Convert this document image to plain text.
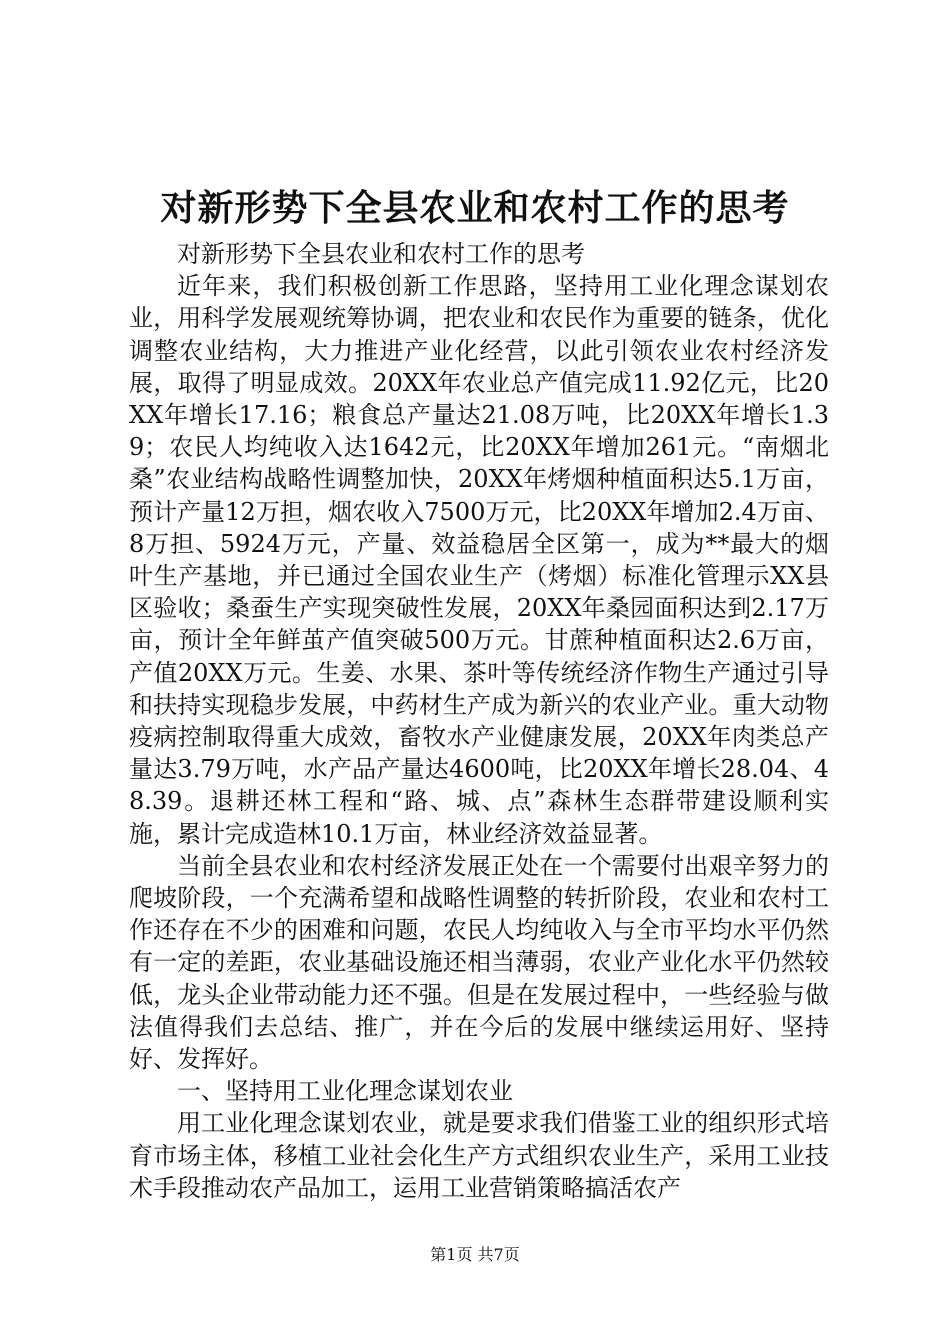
对新形势下全县农业和农村工作的思考

对新形势下全县农业和农村工作的思考

近年来，我们积极创新工作思路，坚持用工业化理念谋划农业，用科学发展观统筹协调，把农业和农民作为重要的链条，优化调整农业结构，大力推进产业化经营，以此引领农业农村经济发展，取得了明显成效。20XX年农业总产值完成11.92亿元，比20XX年增长17.16；粮食总产量达21.08万吨，比20XX年增长1.39；农民人均纯收入达1642元，比20XX年增加261元。“南烟北桑”农业结构战略性调整加快，20XX年烤烟种植面积达5.1万亩，预计产量12万担，烟农收入7500万元，比20XX年增加2.4万亩、8万担、5924万元，产量、效益稳居全区第一，成为**最大的烟叶生产基地，并已通过全国农业生产（烤烟）标准化管理示XX县区验收；桑蚕生产实现突破性发展，20XX年桑园面积达到2.17万亩，预计全年鲜茧产值突破500万元。甘蔗种植面积达2.6万亩，产值20XX万元。生姜、水果、茶叶等传统经济作物生产通过引导和扶持实现稳步发展，中药材生产成为新兴的农业产业。重大动物疫病控制取得重大成效，畜牧水产业健康发展，20XX年肉类总产量达3.79万吨，水产品产量达4600吨，比20XX年增长28.04、48.39。退耕还林工程和“路、城、点”森林生态群带建设顺利实施，累计完成造林10.1万亩，林业经济效益显著。

当前全县农业和农村经济发展正处在一个需要付出艰辛努力的爬坡阶段，一个充满希望和战略性调整的转折阶段，农业和农村工作还存在不少的困难和问题，农民人均纯收入与全市平均水平仍然有一定的差距，农业基础设施还相当薄弱，农业产业化水平仍然较低，龙头企业带动能力还不强。但是在发展过程中，一些经验与做法值得我们去总结、推广，并在今后的发展中继续运用好、坚持好、发挥好。

一、坚持用工业化理念谋划农业

用工业化理念谋划农业，就是要求我们借鉴工业的组织形式培育市场主体，移植工业社会化生产方式组织农业生产，采用工业技术手段推动农产品加工，运用工业营销策略搞活农产

第1页 共7页
